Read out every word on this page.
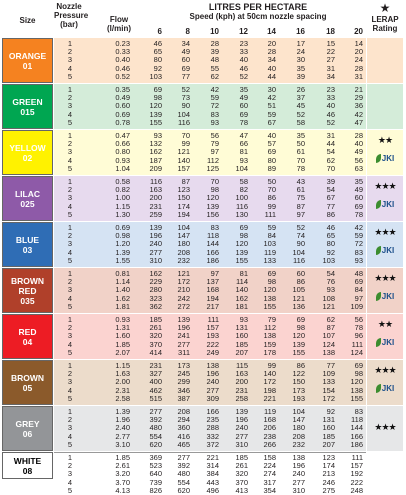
Size
Nozzle
Pressure
(bar)
Flow
(l/min)
LITRES PER HECTARE
Speed (kph) at 50cm nozzle spacing
6	8	10	12	14	16	18	20
★
LERAP
Rating
ORANGE
01
1	0.23	46	34	28	23	20	17	15	14
2	0.33	65	49	39	33	28	24	22	20
3	0.40	80	60	48	40	34	30	27	24
4	0.46	92	69	55	46	40	35	31	28
5	0.52	103	77	62	52	44	39	34	31
GREEN
015
1	0.35	69	52	42	35	30	26	23	21
2	0.49	98	73	59	49	42	37	33	29
3	0.60	120	90	72	60	51	45	40	36
4	0.69	139	104	83	69	59	52	46	42
5	0.78	155	116	93	78	67	58	52	47
YELLOW
02
1	0.47	93	70	56	47	40	35	31	28
2	0.66	132	99	79	66	57	50	44	40
3	0.80	162	121	97	81	69	61	54	49
4	0.93	187	140	112	93	80	70	62	56
5	1.04	209	157	125	104	89	78	70	63
★★
JKI
LILAC
025
1	0.58	116	87	70	58	50	43	39	35
2	0.82	163	123	98	82	70	61	54	49
3	1.00	200	150	120	100	86	75	67	60
4	1.15	231	174	139	116	99	87	77	69
5	1.30	259	194	156	130	111	97	86	78
★★★
JKI
BLUE
03
1	0.69	139	104	83	69	59	52	46	42
2	0.98	196	147	118	98	84	74	65	59
3	1.20	240	180	144	120	103	90	80	72
4	1.39	277	208	166	139	119	104	92	83
5	1.55	310	232	186	155	133	116	103	93
★★★
JKI
BROWN RED
035
1	0.81	162	121	97	81	69	60	54	48
2	1.14	229	172	137	114	98	86	76	69
3	1.40	280	210	168	140	120	105	93	84
4	1.62	323	242	194	162	138	121	108	97
5	1.81	362	272	217	181	155	136	121	109
★★★
JKI
RED
04
1	0.93	185	139	111	93	79	69	62	56
2	1.31	261	196	157	131	112	98	87	78
3	1.60	320	241	193	160	138	120	107	96
4	1.85	370	277	222	185	159	139	124	111
5	2.07	414	311	249	207	178	155	138	124
★★
JKI
BROWN
05
1	1.15	231	173	138	115	99	86	77	69
2	1.63	327	245	196	163	140	122	109	98
3	2.00	400	299	240	200	172	150	133	120
4	2.31	462	346	277	231	198	173	154	138
5	2.58	515	387	309	258	221	193	172	155
★★★
JKI
GREY
06
1	1.39	277	208	166	139	119	104	92	83
2	1.96	392	294	235	196	168	147	131	118
3	2.40	480	360	288	240	206	180	160	144
4	2.77	554	416	332	277	238	208	185	166
5	3.10	620	465	372	310	266	232	207	186
★★★
WHITE
08
1	1.85	369	277	221	185	158	138	123	111
2	2.61	523	392	314	261	224	196	174	157
3	3.20	640	480	384	320	274	240	213	192
4	3.70	739	554	443	370	317	277	246	222
5	4.13	826	620	496	413	354	310	275	248
